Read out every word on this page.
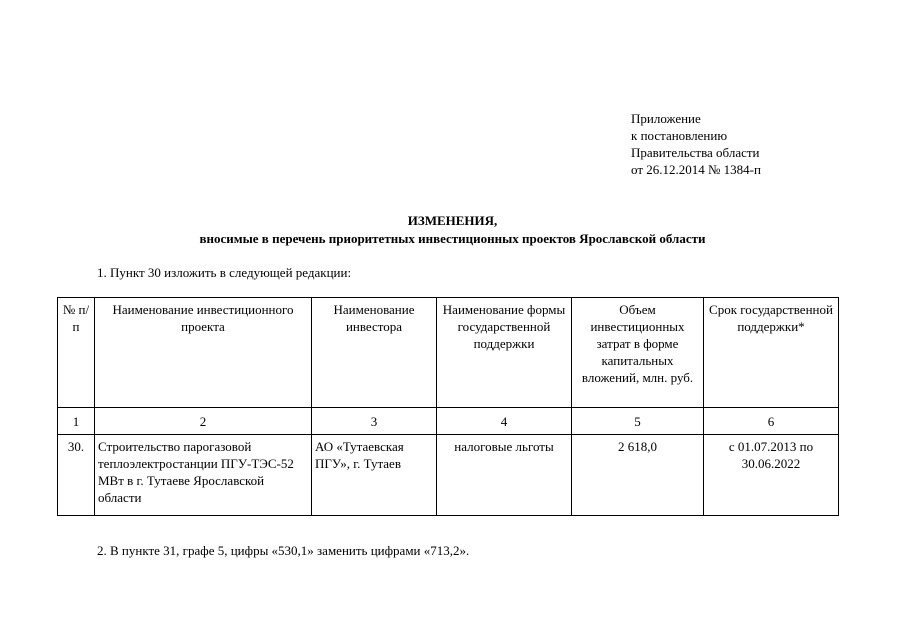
Приложение
к постановлению
Правительства области
от 26.12.2014 № 1384-п
ИЗМЕНЕНИЯ,
вносимые в перечень приоритетных инвестиционных проектов Ярославской области
1. Пункт 30 изложить в следующей редакции:
№ п/п	Наименование инвестиционного проекта	Наименование инвестора	Наименование формы государственной поддержки	Объем инвестиционных затрат в форме капитальных вложений, млн. руб.	Срок государственной поддержки*
1	2	3	4	5	6
30.	Строительство парогазовой теплоэлектростанции ПГУ-ТЭС-52 МВт в г. Тутаеве Ярославской области	АО «Тутаевская ПГУ», г. Тутаев	налоговые льготы	2 618,0	с 01.07.2013 по 30.06.2022
2. В пункте 31, графе 5, цифры «530,1» заменить цифрами «713,2».
